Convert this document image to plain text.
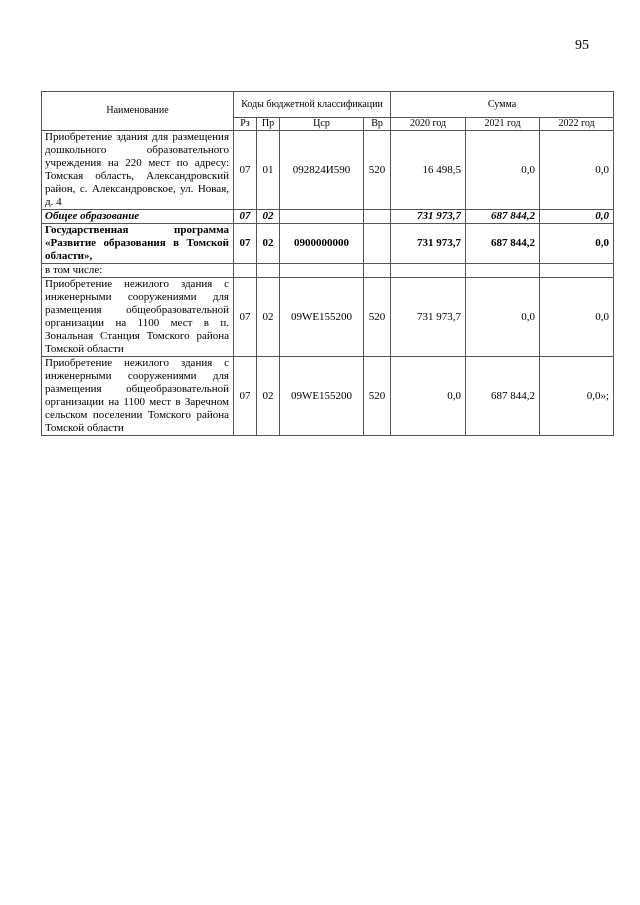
95
Наименование	Коды бюджетной классификации				Сумма		
	Рз	Пр	Цср	Вр	2020 год	2021 год	2022 год
Приобретение здания для размещения дошкольного образовательного учреждения на 220 мест по адресу: Томская область, Александровский район, с. Александровское, ул. Новая, д. 4	07	01	092824И590	520	16 498,5	0,0	0,0
Общее образование	07	02			731 973,7	687 844,2	0,0
Государственная программа «Развитие образования в Томской области»,	07	02	0900000000		731 973,7	687 844,2	0,0
в том числе:							
Приобретение нежилого здания с инженерными сооружениями для размещения общеобразовательной организации на 1100 мест в п. Зональная Станция Томского района Томской области	07	02	09WE155200	520	731 973,7	0,0	0,0
Приобретение нежилого здания с инженерными сооружениями для размещения общеобразовательной организации на 1100 мест в Заречном сельском поселении Томского района Томской области	07	02	09WE155200	520	0,0	687 844,2	0,0»;
